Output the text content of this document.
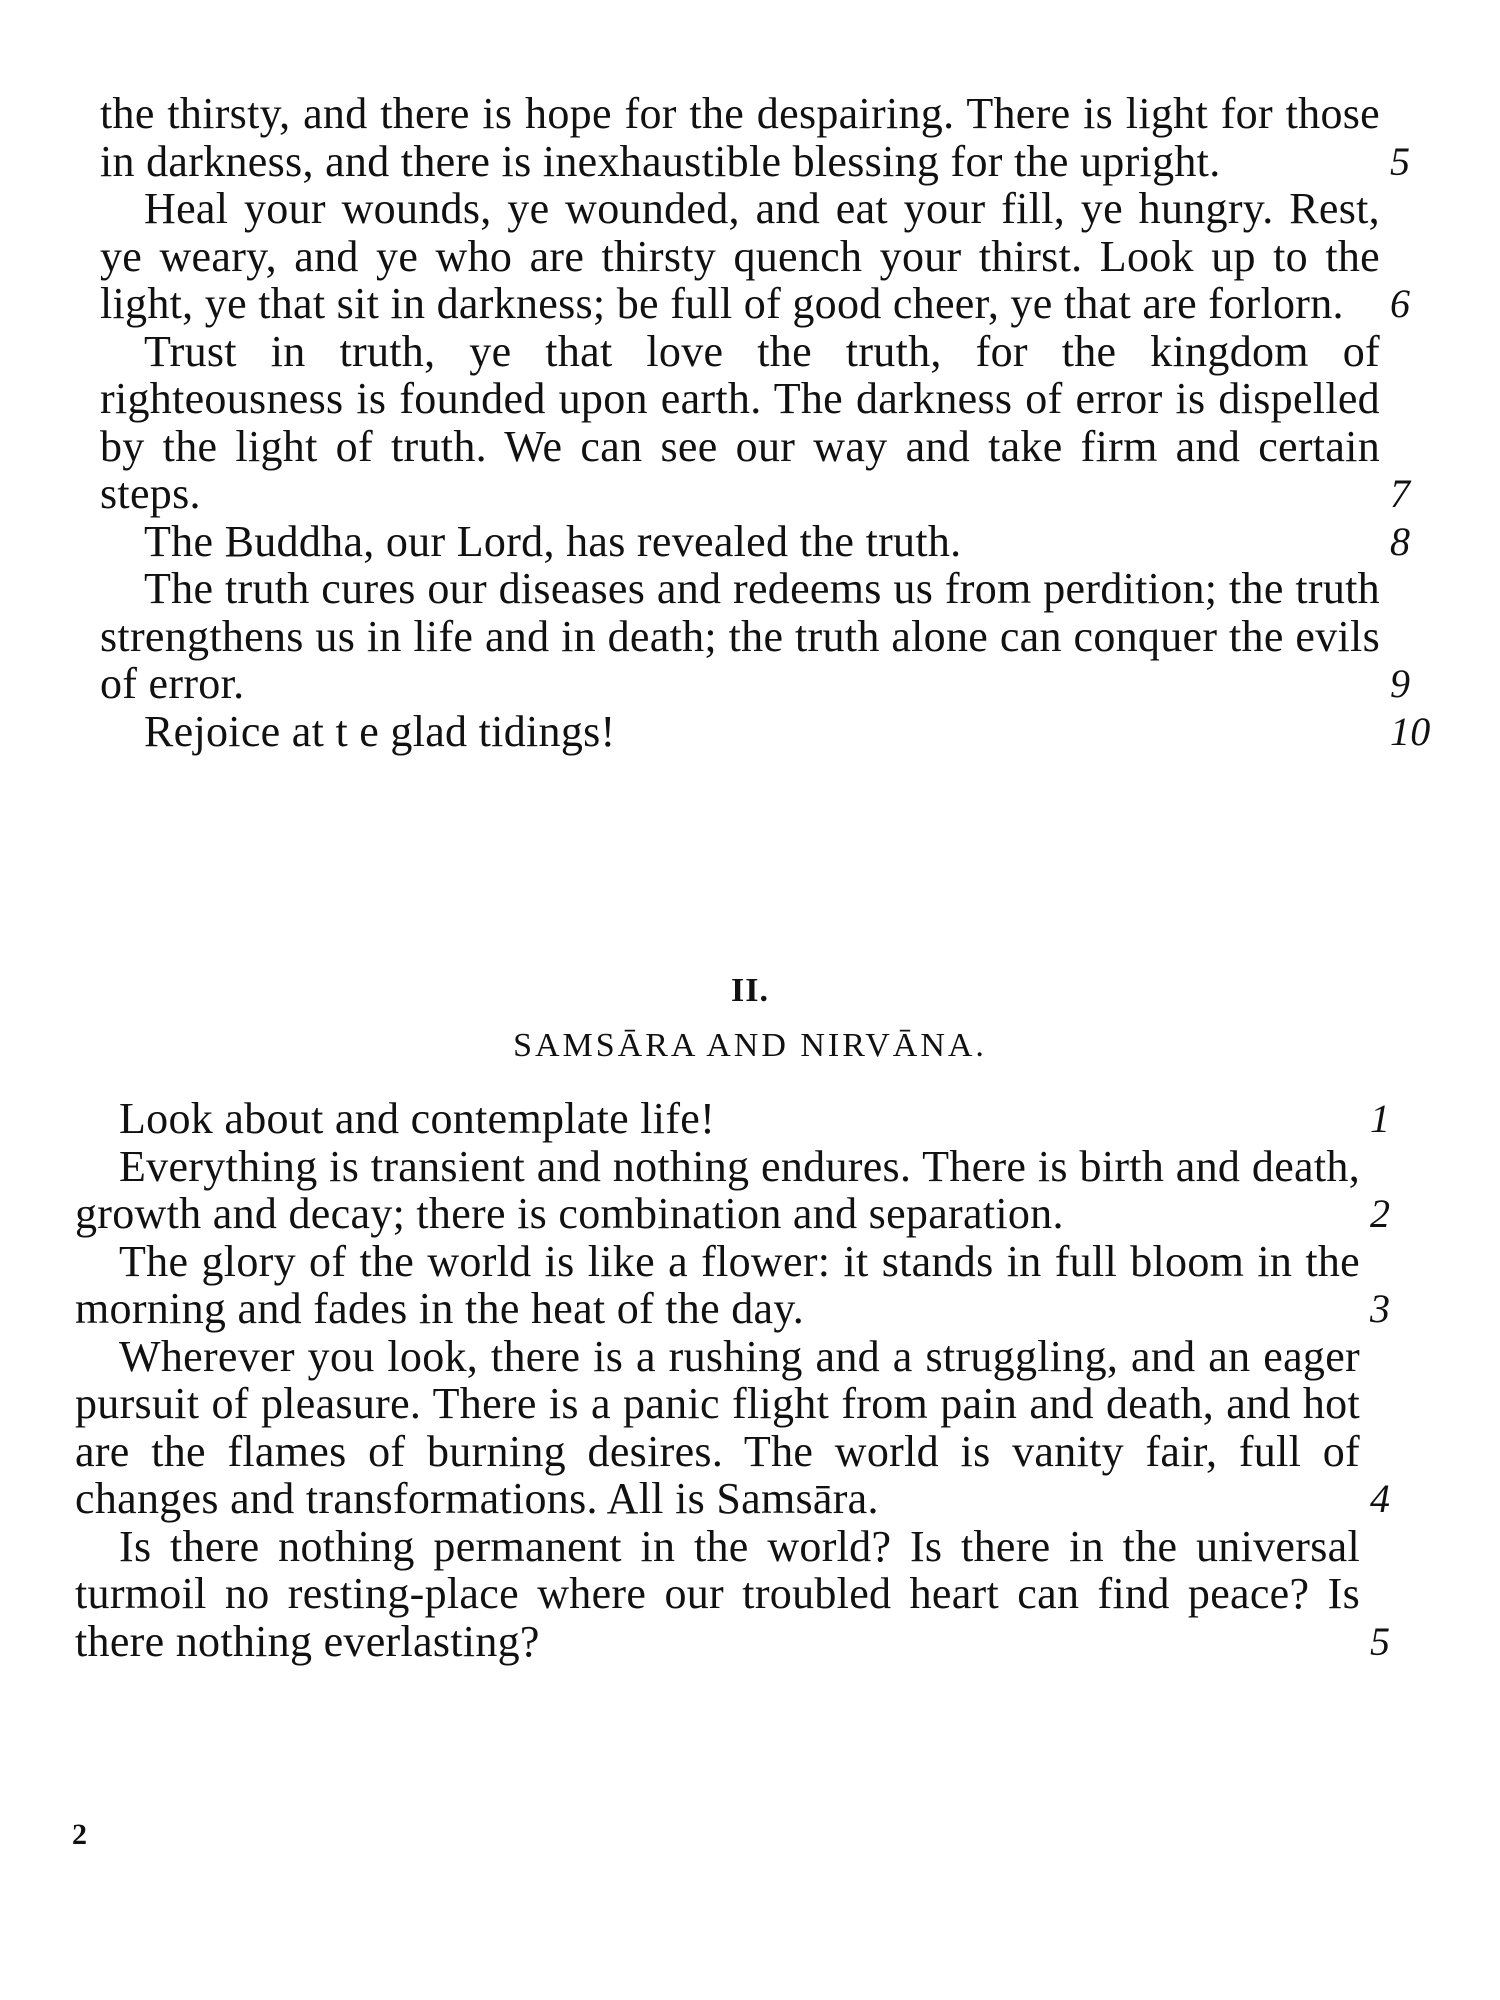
the thirsty, and there is hope for the despairing. There is light for those in darkness, and there is inexhaustible blessing for the upright.	5

Heal your wounds, ye wounded, and eat your fill, ye hungry. Rest, ye weary, and ye who are thirsty quench your thirst. Look up to the light, ye that sit in darkness; be full of good cheer, ye that are forlorn. 6

Trust in truth, ye that love the truth, for the kingdom of righteousness is founded upon earth. The darkness of error is dispelled by the light of truth. We can see our way and take firm and certain steps.	7

The Buddha, our Lord, has revealed the truth.	8

The truth cures our diseases and redeems us from perdition; the truth strengthens us in life and in death; the truth alone can conquer the evils of error.	9

Rejoice at t e glad tidings!	10

II.
SAMSĀRA AND NIRVĀNA.

Look about and contemplate life!	1

Everything is transient and nothing endures. There is birth and death, growth and decay; there is combination and separation.	2

The glory of the world is like a flower: it stands in full bloom in the morning and fades in the heat of the day.	3

Wherever you look, there is a rushing and a struggling, and an eager pursuit of pleasure. There is a panic flight from pain and death, and hot are the flames of burning desires. The world is vanity fair, full of changes and transformations. All is Samsāra.	4

Is there nothing permanent in the world? Is there in the universal turmoil no resting-place where our troubled heart can find peace? Is there nothing everlasting?	5

2
